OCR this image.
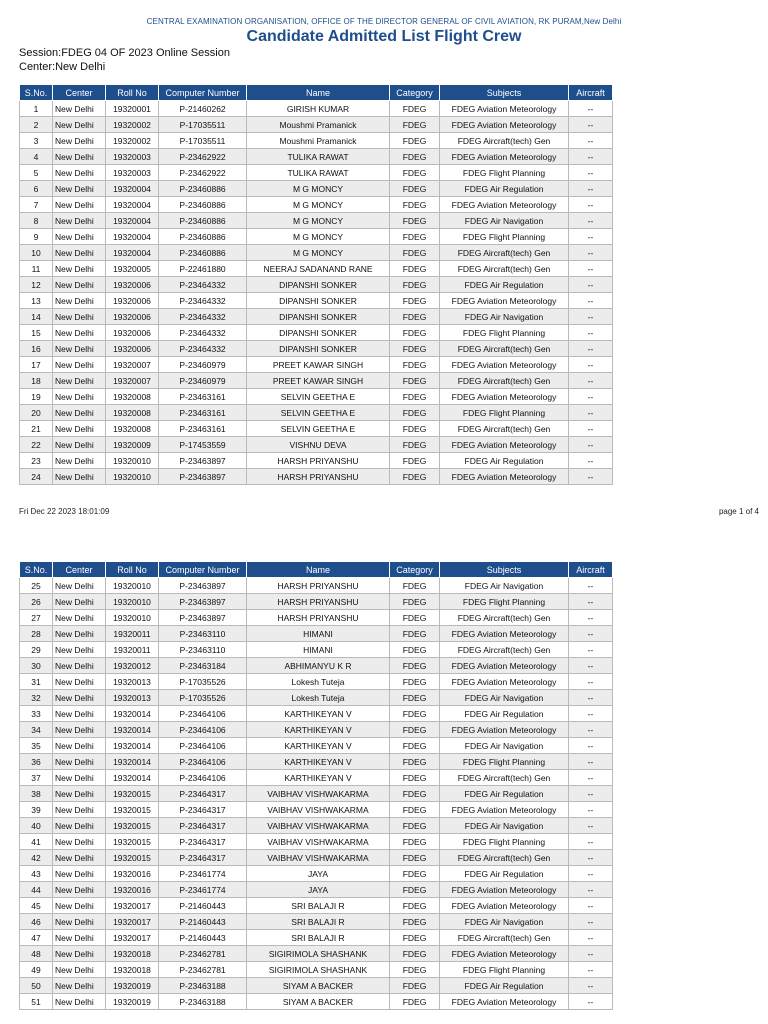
CENTRAL EXAMINATION ORGANISATION, OFFICE OF THE DIRECTOR GENERAL OF CIVIL AVIATION, RK PURAM,New Delhi
Candidate Admitted List Flight Crew
Session:FDEG 04 OF 2023 Online Session
Center:New Delhi
S.No.	Center	Roll No	Computer Number	Name	Category	Subjects	Aircraft
1	New Delhi	19320001	P-21460262	GIRISH KUMAR	FDEG	FDEG Aviation Meteorology	--
2	New Delhi	19320002	P-17035511	Moushmi Pramanick	FDEG	FDEG Aviation Meteorology	--
3	New Delhi	19320002	P-17035511	Moushmi Pramanick	FDEG	FDEG Aircraft(tech) Gen	--
4	New Delhi	19320003	P-23462922	TULIKA RAWAT	FDEG	FDEG Aviation Meteorology	--
5	New Delhi	19320003	P-23462922	TULIKA RAWAT	FDEG	FDEG Flight Planning	--
6	New Delhi	19320004	P-23460886	M G MONCY	FDEG	FDEG Air Regulation	--
7	New Delhi	19320004	P-23460886	M G MONCY	FDEG	FDEG Aviation Meteorology	--
8	New Delhi	19320004	P-23460886	M G MONCY	FDEG	FDEG Air Navigation	--
9	New Delhi	19320004	P-23460886	M G MONCY	FDEG	FDEG Flight Planning	--
10	New Delhi	19320004	P-23460886	M G MONCY	FDEG	FDEG Aircraft(tech) Gen	--
11	New Delhi	19320005	P-22461880	NEERAJ SADANAND RANE	FDEG	FDEG Aircraft(tech) Gen	--
12	New Delhi	19320006	P-23464332	DIPANSHI SONKER	FDEG	FDEG Air Regulation	--
13	New Delhi	19320006	P-23464332	DIPANSHI SONKER	FDEG	FDEG Aviation Meteorology	--
14	New Delhi	19320006	P-23464332	DIPANSHI SONKER	FDEG	FDEG Air Navigation	--
15	New Delhi	19320006	P-23464332	DIPANSHI SONKER	FDEG	FDEG Flight Planning	--
16	New Delhi	19320006	P-23464332	DIPANSHI SONKER	FDEG	FDEG Aircraft(tech) Gen	--
17	New Delhi	19320007	P-23460979	PREET KAWAR SINGH	FDEG	FDEG Aviation Meteorology	--
18	New Delhi	19320007	P-23460979	PREET KAWAR SINGH	FDEG	FDEG Aircraft(tech) Gen	--
19	New Delhi	19320008	P-23463161	SELVIN GEETHA E	FDEG	FDEG Aviation Meteorology	--
20	New Delhi	19320008	P-23463161	SELVIN GEETHA E	FDEG	FDEG Flight Planning	--
21	New Delhi	19320008	P-23463161	SELVIN GEETHA E	FDEG	FDEG Aircraft(tech) Gen	--
22	New Delhi	19320009	P-17453559	VISHNU DEVA	FDEG	FDEG Aviation Meteorology	--
23	New Delhi	19320010	P-23463897	HARSH PRIYANSHU	FDEG	FDEG Air Regulation	--
24	New Delhi	19320010	P-23463897	HARSH PRIYANSHU	FDEG	FDEG Aviation Meteorology	--
Fri Dec 22 2023 18:01:09	page 1 of 4
S.No.	Center	Roll No	Computer Number	Name	Category	Subjects	Aircraft
25	New Delhi	19320010	P-23463897	HARSH PRIYANSHU	FDEG	FDEG Air Navigation	--
26	New Delhi	19320010	P-23463897	HARSH PRIYANSHU	FDEG	FDEG Flight Planning	--
27	New Delhi	19320010	P-23463897	HARSH PRIYANSHU	FDEG	FDEG Aircraft(tech) Gen	--
28	New Delhi	19320011	P-23463110	HIMANI	FDEG	FDEG Aviation Meteorology	--
29	New Delhi	19320011	P-23463110	HIMANI	FDEG	FDEG Aircraft(tech) Gen	--
30	New Delhi	19320012	P-23463184	ABHIMANYU K R	FDEG	FDEG Aviation Meteorology	--
31	New Delhi	19320013	P-17035526	Lokesh Tuteja	FDEG	FDEG Aviation Meteorology	--
32	New Delhi	19320013	P-17035526	Lokesh Tuteja	FDEG	FDEG Air Navigation	--
33	New Delhi	19320014	P-23464106	KARTHIKEYAN V	FDEG	FDEG Air Regulation	--
34	New Delhi	19320014	P-23464106	KARTHIKEYAN V	FDEG	FDEG Aviation Meteorology	--
35	New Delhi	19320014	P-23464106	KARTHIKEYAN V	FDEG	FDEG Air Navigation	--
36	New Delhi	19320014	P-23464106	KARTHIKEYAN V	FDEG	FDEG Flight Planning	--
37	New Delhi	19320014	P-23464106	KARTHIKEYAN V	FDEG	FDEG Aircraft(tech) Gen	--
38	New Delhi	19320015	P-23464317	VAIBHAV VISHWAKARMA	FDEG	FDEG Air Regulation	--
39	New Delhi	19320015	P-23464317	VAIBHAV VISHWAKARMA	FDEG	FDEG Aviation Meteorology	--
40	New Delhi	19320015	P-23464317	VAIBHAV VISHWAKARMA	FDEG	FDEG Air Navigation	--
41	New Delhi	19320015	P-23464317	VAIBHAV VISHWAKARMA	FDEG	FDEG Flight Planning	--
42	New Delhi	19320015	P-23464317	VAIBHAV VISHWAKARMA	FDEG	FDEG Aircraft(tech) Gen	--
43	New Delhi	19320016	P-23461774	JAYA	FDEG	FDEG Air Regulation	--
44	New Delhi	19320016	P-23461774	JAYA	FDEG	FDEG Aviation Meteorology	--
45	New Delhi	19320017	P-21460443	SRI BALAJI R	FDEG	FDEG Aviation Meteorology	--
46	New Delhi	19320017	P-21460443	SRI BALAJI R	FDEG	FDEG Air Navigation	--
47	New Delhi	19320017	P-21460443	SRI BALAJI R	FDEG	FDEG Aircraft(tech) Gen	--
48	New Delhi	19320018	P-23462781	SIGIRIMOLA SHASHANK	FDEG	FDEG Aviation Meteorology	--
49	New Delhi	19320018	P-23462781	SIGIRIMOLA SHASHANK	FDEG	FDEG Flight Planning	--
50	New Delhi	19320019	P-23463188	SIYAM A BACKER	FDEG	FDEG Air Regulation	--
51	New Delhi	19320019	P-23463188	SIYAM A BACKER	FDEG	FDEG Aviation Meteorology	--
